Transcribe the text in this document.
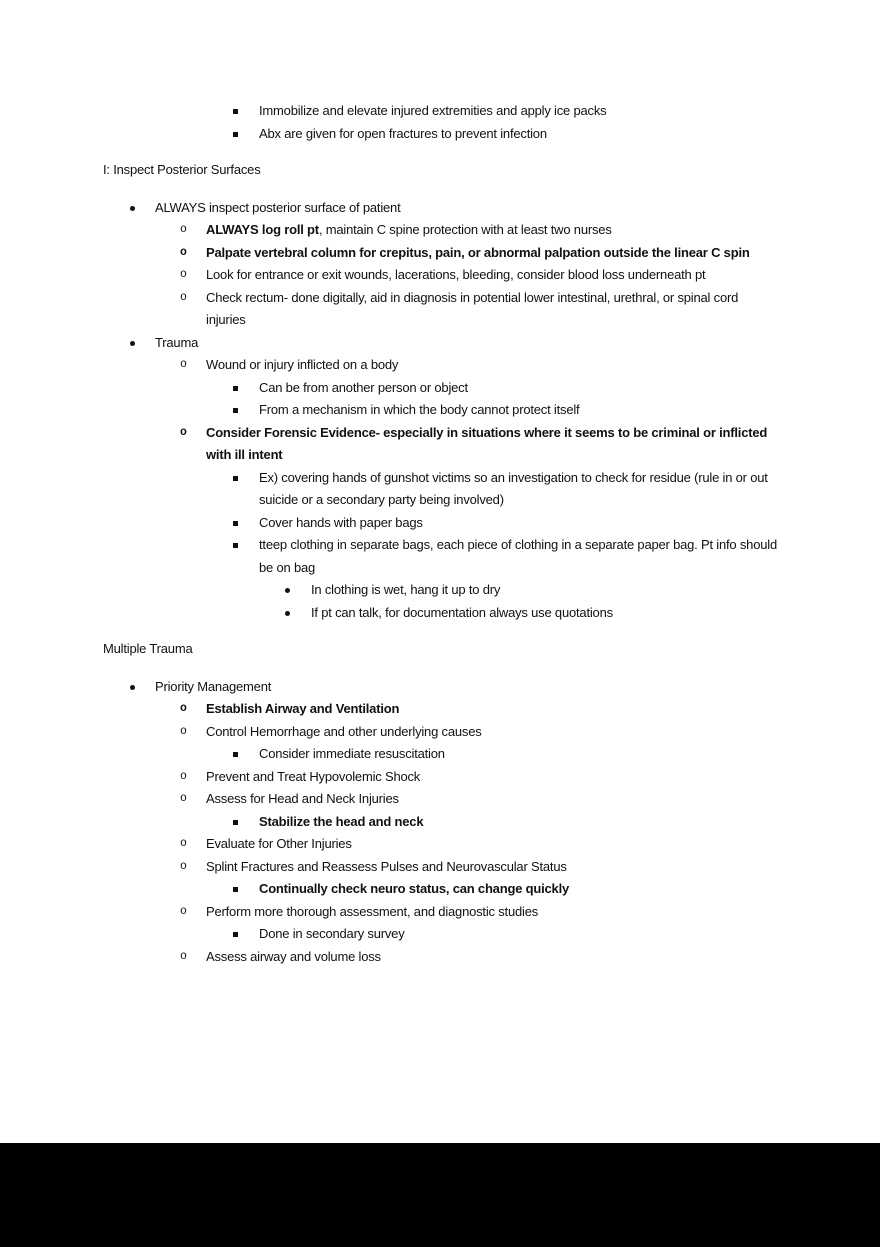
Immobilize and elevate injured extremities and apply ice packs
Abx are given for open fractures to prevent infection
I: Inspect Posterior Surfaces
ALWAYS inspect posterior surface of patient
o ALWAYS log roll pt, maintain C spine protection with at least two nurses
o Palpate vertebral column for crepitus, pain, or abnormal palpation outside the linear C spin
o Look for entrance or exit wounds, lacerations, bleeding, consider blood loss underneath pt
o Check rectum- done digitally, aid in diagnosis in potential lower intestinal, urethral, or spinal cord injuries
Trauma
o Wound or injury inflicted on a body
Can be from another person or object
From a mechanism in which the body cannot protect itself
o Consider Forensic Evidence- especially in situations where it seems to be criminal or inflicted with ill intent
Ex) covering hands of gunshot victims so an investigation to check for residue (rule in or out suicide or a secondary party being involved)
Cover hands with paper bags
tteep clothing in separate bags, each piece of clothing in a separate paper bag. Pt info should be on bag
In clothing is wet, hang it up to dry
If pt can talk, for documentation always use quotations
Multiple Trauma
Priority Management
o Establish Airway and Ventilation
o Control Hemorrhage and other underlying causes
Consider immediate resuscitation
o Prevent and Treat Hypovolemic Shock
o Assess for Head and Neck Injuries
Stabilize the head and neck
o Evaluate for Other Injuries
o Splint Fractures and Reassess Pulses and Neurovascular Status
Continually check neuro status, can change quickly
o Perform more thorough assessment, and diagnostic studies
Done in secondary survey
o Assess airway and volume loss
